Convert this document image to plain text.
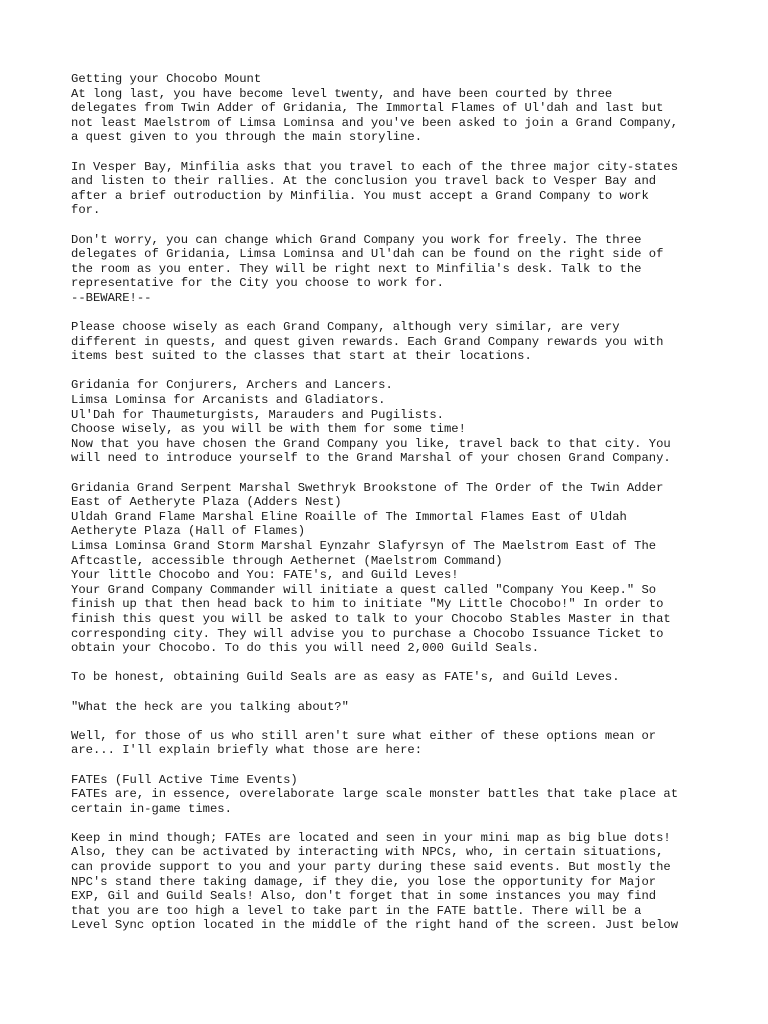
Getting your Chocobo Mount
At long last, you have become level twenty, and have been courted by three
delegates from Twin Adder of Gridania, The Immortal Flames of Ul'dah and last but
not least Maelstrom of Limsa Lominsa and you've been asked to join a Grand Company,
a quest given to you through the main storyline.
In Vesper Bay, Minfilia asks that you travel to each of the three major city-states
and listen to their rallies. At the conclusion you travel back to Vesper Bay and
after a brief outroduction by Minfilia. You must accept a Grand Company to work
for.
Don't worry, you can change which Grand Company you work for freely. The three
delegates of Gridania, Limsa Lominsa and Ul'dah can be found on the right side of
the room as you enter. They will be right next to Minfilia's desk. Talk to the
representative for the City you choose to work for.
--BEWARE!--
Please choose wisely as each Grand Company, although very similar, are very
different in quests, and quest given rewards. Each Grand Company rewards you with
items best suited to the classes that start at their locations.
Gridania for Conjurers, Archers and Lancers.
Limsa Lominsa for Arcanists and Gladiators.
Ul'Dah for Thaumeturgists, Marauders and Pugilists.
Choose wisely, as you will be with them for some time!
Now that you have chosen the Grand Company you like, travel back to that city. You
will need to introduce yourself to the Grand Marshal of your chosen Grand Company.
Gridania Grand Serpent Marshal Swethryk Brookstone of The Order of the Twin Adder
East of Aetheryte Plaza (Adders Nest)
Uldah Grand Flame Marshal Eline Roaille of The Immortal Flames East of Uldah
Aetheryte Plaza (Hall of Flames)
Limsa Lominsa Grand Storm Marshal Eynzahr Slafyrsyn of The Maelstrom East of The
Aftcastle, accessible through Aethernet (Maelstrom Command)
Your little Chocobo and You: FATE's, and Guild Leves!
Your Grand Company Commander will initiate a quest called "Company You Keep." So
finish up that then head back to him to initiate "My Little Chocobo!" In order to
finish this quest you will be asked to talk to your Chocobo Stables Master in that
corresponding city. They will advise you to purchase a Chocobo Issuance Ticket to
obtain your Chocobo. To do this you will need 2,000 Guild Seals.
To be honest, obtaining Guild Seals are as easy as FATE's, and Guild Leves.
"What the heck are you talking about?"
Well, for those of us who still aren't sure what either of these options mean or
are... I'll explain briefly what those are here:
FATEs (Full Active Time Events)
FATEs are, in essence, overelaborate large scale monster battles that take place at
certain in-game times.
Keep in mind though; FATEs are located and seen in your mini map as big blue dots!
Also, they can be activated by interacting with NPCs, who, in certain situations,
can provide support to you and your party during these said events. But mostly the
NPC's stand there taking damage, if they die, you lose the opportunity for Major
EXP, Gil and Guild Seals! Also, don't forget that in some instances you may find
that you are too high a level to take part in the FATE battle. There will be a
Level Sync option located in the middle of the right hand of the screen. Just below
